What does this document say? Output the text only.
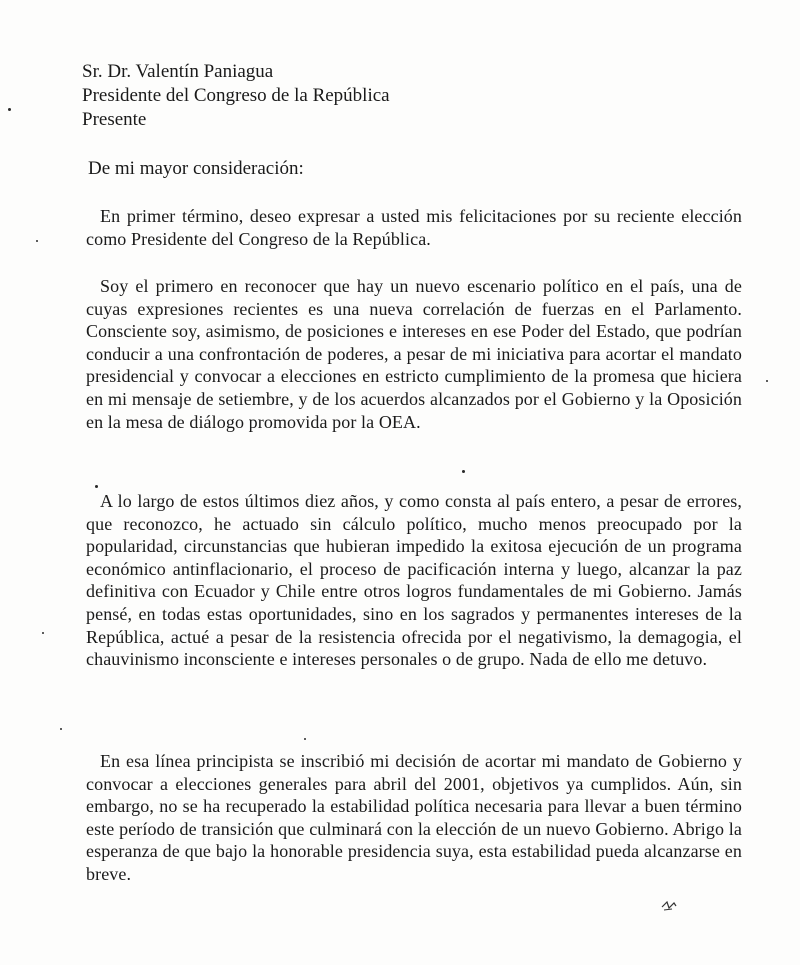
Sr. Dr. Valentín Paniagua
Presidente del Congreso de la República
Presente
De mi mayor consideración:

En primer término, deseo expresar a usted mis felicitaciones por su reciente elección como Presidente del Congreso de la República.

Soy el primero en reconocer que hay un nuevo escenario político en el país, una de cuyas expresiones recientes es una nueva correlación de fuerzas en el Parlamento. Consciente soy, asimismo, de posiciones e intereses en ese Poder del Estado, que podrían conducir a una confrontación de poderes, a pesar de mi iniciativa para acortar el mandato presidencial y convocar a elecciones en estricto cumplimiento de la promesa que hiciera en mi mensaje de setiembre, y de los acuerdos alcanzados por el Gobierno y la Oposición en la mesa de diálogo promovida por la OEA.

A lo largo de estos últimos diez años, y como consta al país entero, a pesar de errores, que reconozco, he actuado sin cálculo político, mucho menos preocupado por la popularidad, circunstancias que hubieran impedido la exitosa ejecución de un programa económico antinflacionario, el proceso de pacificación interna y luego, alcanzar la paz definitiva con Ecuador y Chile entre otros logros fundamentales de mi Gobierno. Jamás pensé, en todas estas oportunidades, sino en los sagrados y permanentes intereses de la República, actué a pesar de la resistencia ofrecida por el negativismo, la demagogia, el chauvinismo inconsciente e intereses personales o de grupo. Nada de ello me detuvo.

En esa línea principista se inscribió mi decisión de acortar mi mandato de Gobierno y convocar a elecciones generales para abril del 2001, objetivos ya cumplidos. Aún, sin embargo, no se ha recuperado la estabilidad política necesaria para llevar a buen término este período de transición que culminará con la elección de un nuevo Gobierno. Abrigo la esperanza de que bajo la honorable presidencia suya, esta estabilidad pueda alcanzarse en breve.
